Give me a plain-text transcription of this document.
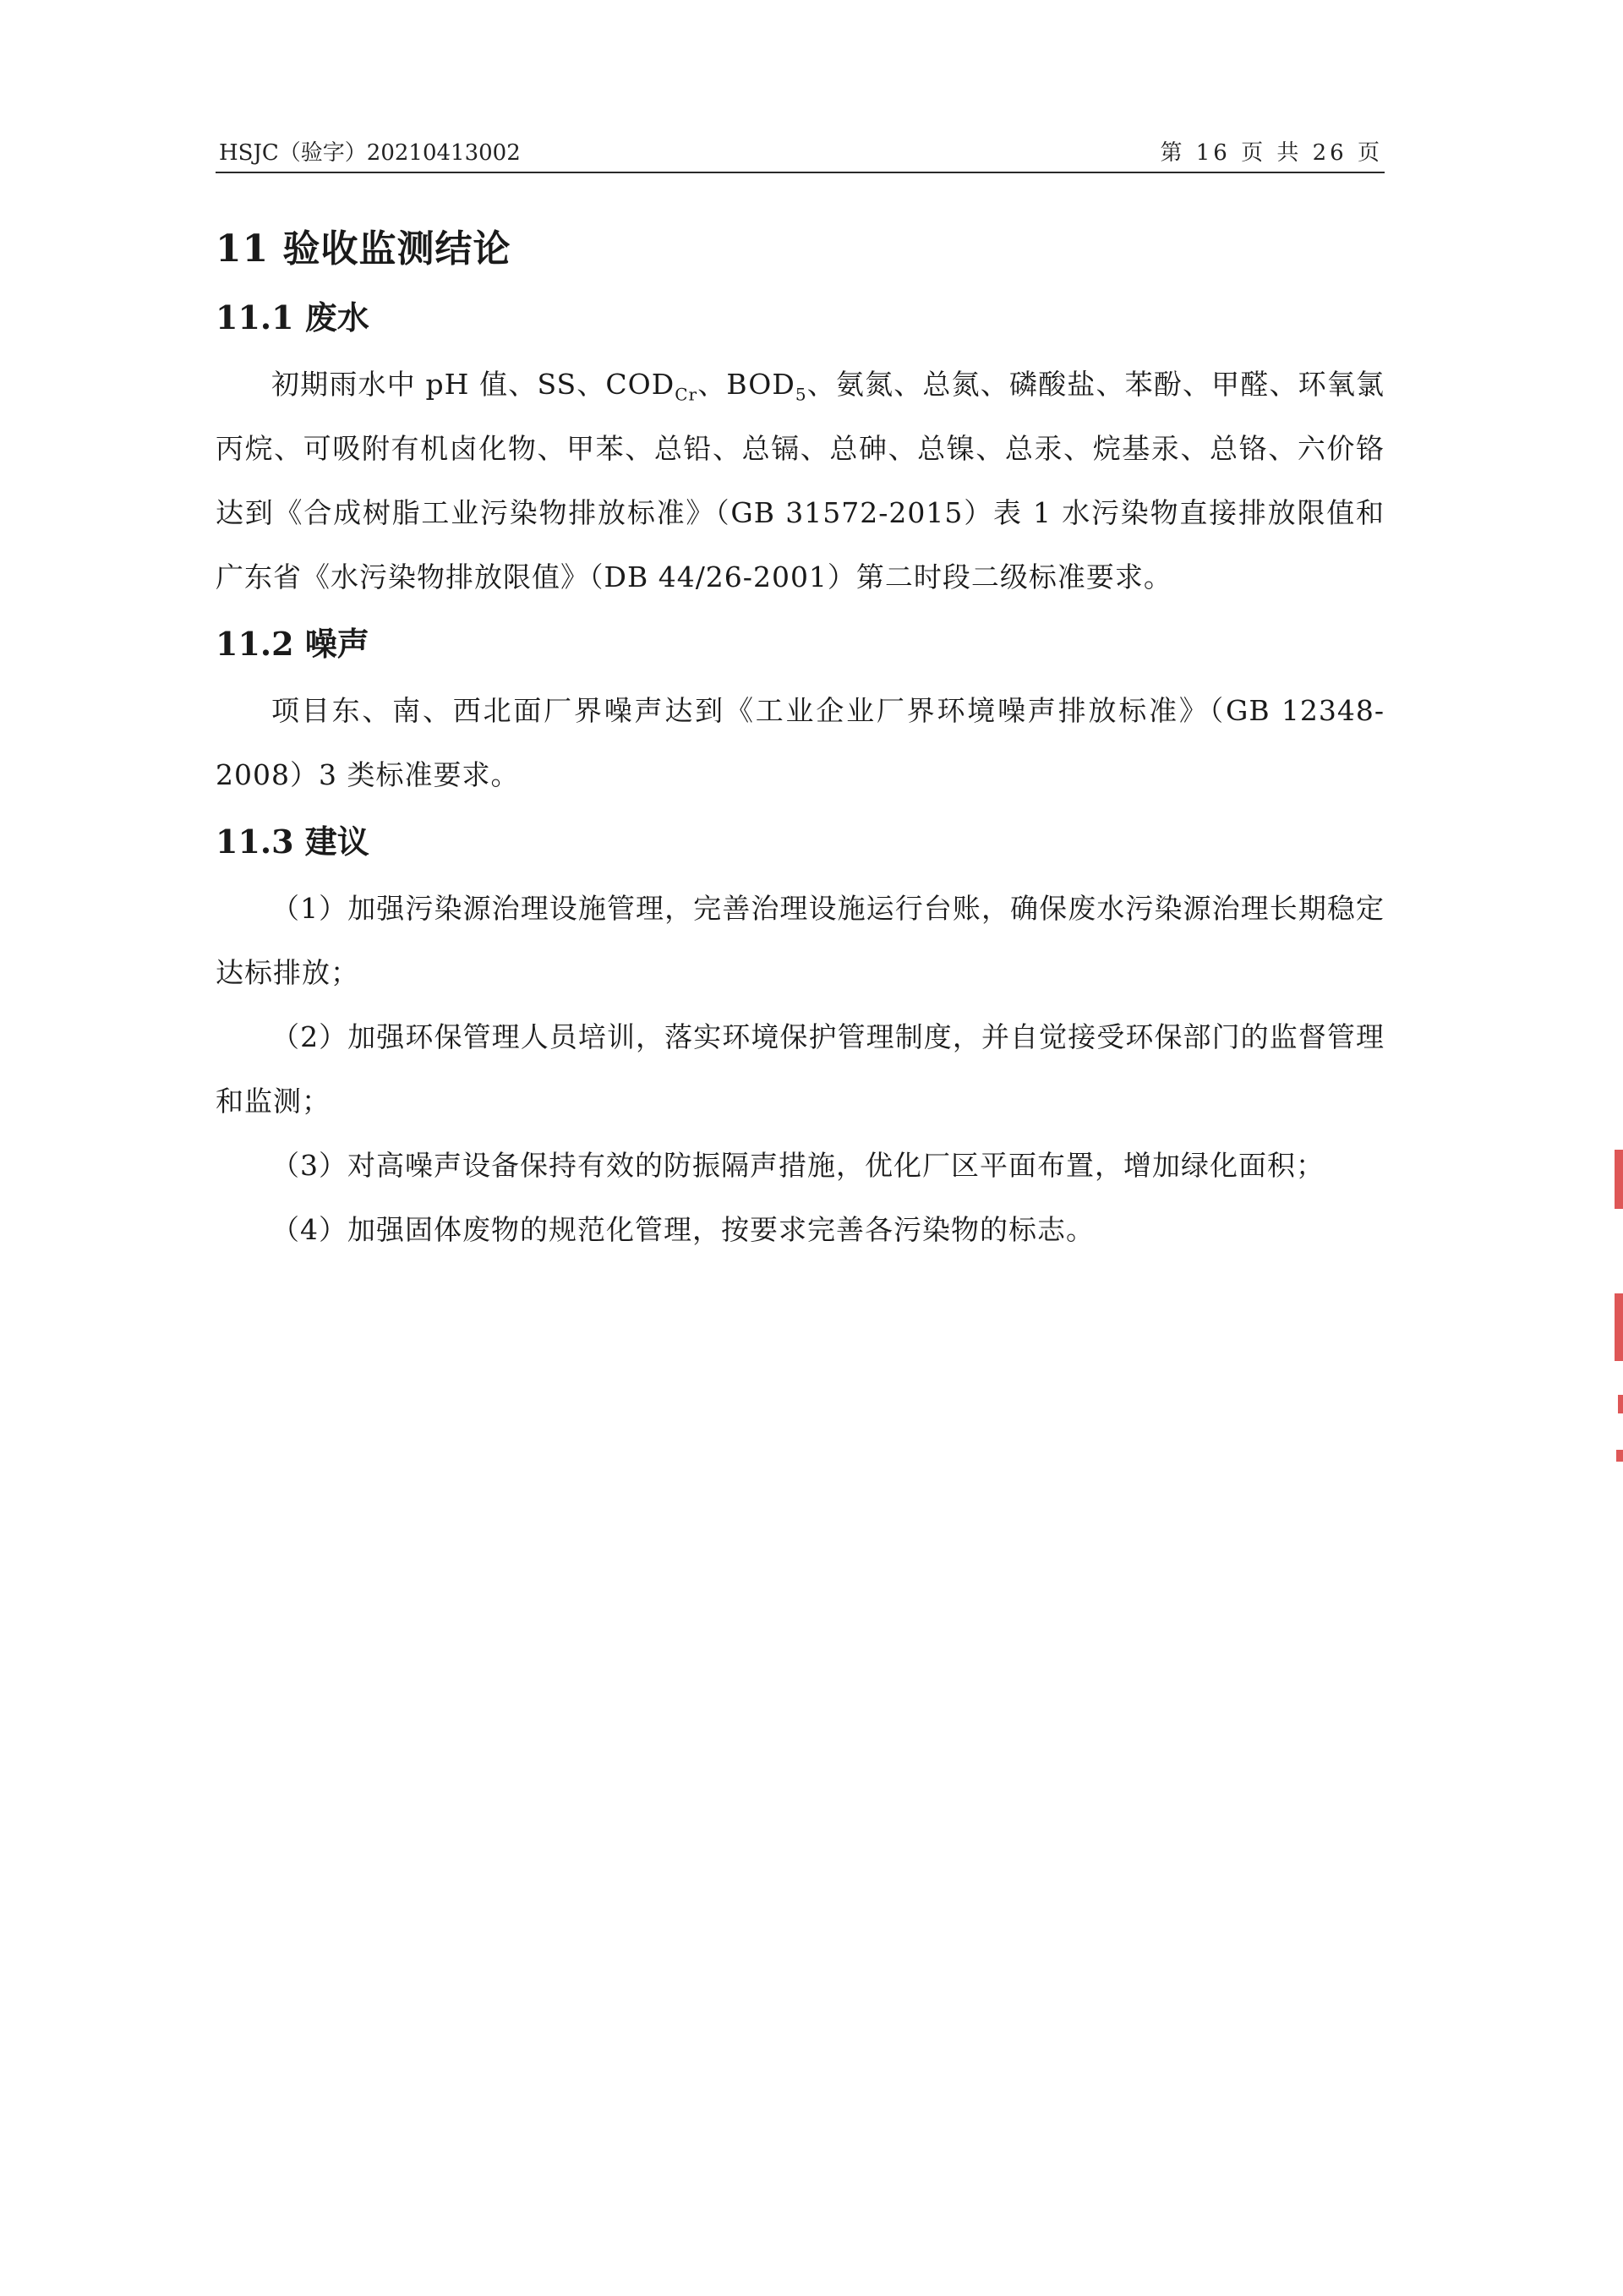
HSJC（验字）20210413002	第 16 页 共 26 页
11 验收监测结论
11.1 废水

初期雨水中 pH 值、SS、$COD_{Cr}$、$BOD_5$、氨氮、总氮、磷酸盐、苯酚、甲醛、环氧氯丙烷、可吸附有机卤化物、甲苯、总铅、总镉、总砷、总镍、总汞、烷基汞、总铬、六价铬达到《合成树脂工业污染物排放标准》（GB 31572-2015）表 1 水污染物直接排放限值和广东省《水污染物排放限值》（DB 44/26-2001）第二时段二级标准要求。

11.2 噪声

项目东、南、西北面厂界噪声达到《工业企业厂界环境噪声排放标准》（GB 12348-2008）3 类标准要求。

11.3 建议

（1）加强污染源治理设施管理，完善治理设施运行台账，确保废水污染源治理长期稳定达标排放；

（2）加强环保管理人员培训，落实环境保护管理制度，并自觉接受环保部门的监督管理和监测；

（3）对高噪声设备保持有效的防振隔声措施，优化厂区平面布置，增加绿化面积；

（4）加强固体废物的规范化管理，按要求完善各污染物的标志。
